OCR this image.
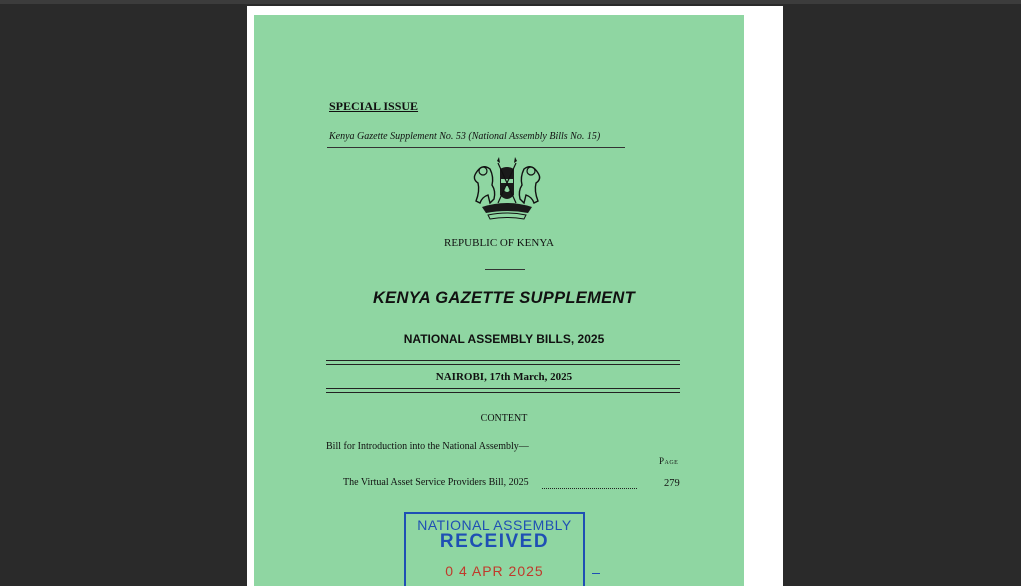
SPECIAL ISSUE
Kenya Gazette Supplement No. 53 (National Assembly Bills No. 15)
REPUBLIC OF KENYA
KENYA GAZETTE SUPPLEMENT
NATIONAL ASSEMBLY BILLS, 2025
NAIROBI, 17th March, 2025
CONTENT
Bill for Introduction into the National Assembly—
Page
The Virtual Asset Service Providers Bill, 2025	279
NATIONAL ASSEMBLY
RECEIVED
0 4 APR 2025
